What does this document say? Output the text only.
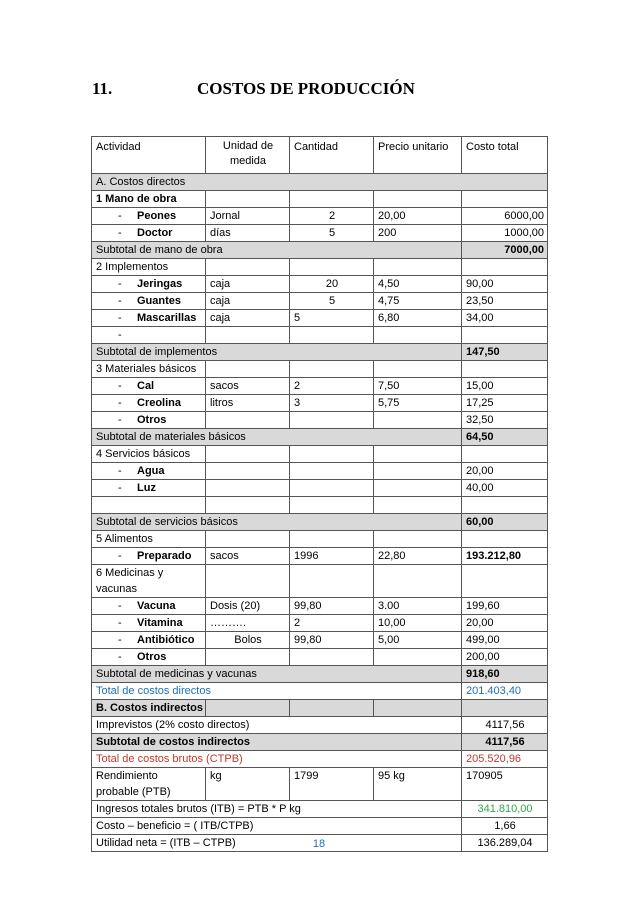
11.	COSTOS DE PRODUCCIÓN
Actividad	Unidad de medida	Cantidad	Precio unitario	Costo total
A. Costos directos				
1 Mano de obra				
- Peones	Jornal	2	20,00	6000,00
- Doctor	días	5	200	1000,00
Subtotal de mano de obra				7000,00
2 Implementos				
- Jeringas	caja	20	4,50	90,00
- Guantes	caja	5	4,75	23,50
- Mascarillas	caja	5	6,80	34,00
-				
Subtotal de implementos				147,50
3 Materiales básicos				
- Cal	sacos	2	7,50	15,00
- Creolina	litros	3	5,75	17,25
- Otros				32,50
Subtotal de materiales básicos				64,50
4 Servicios básicos				
- Agua				20,00
- Luz				40,00

Subtotal de servicios básicos				60,00
5 Alimentos				
- Preparado	sacos	1996	22,80	193.212,80
6 Medicinas y vacunas				
- Vacuna	Dosis (20)	99,80	3.00	199,60
- Vitamina	……….	2	10,00	20,00
- Antibiótico	Bolos	99,80	5,00	499,00
- Otros				200,00
Subtotal de medicinas y vacunas				918,60
Total de costos directos				201.403,40
B. Costos indirectos				
Imprevistos (2% costo directos)				4117,56
Subtotal de costos indirectos				4117,56
Total de costos brutos (CTPB)				205.520,96
Rendimiento probable (PTB)	kg	1799	95 kg	170905
Ingresos totales brutos (ITB) = PTB * P kg				341.810,00
Costo – beneficio = ( ITB/CTPB)				1,66
Utilidad neta = (ITB – CTPB)				136.289,04
18
